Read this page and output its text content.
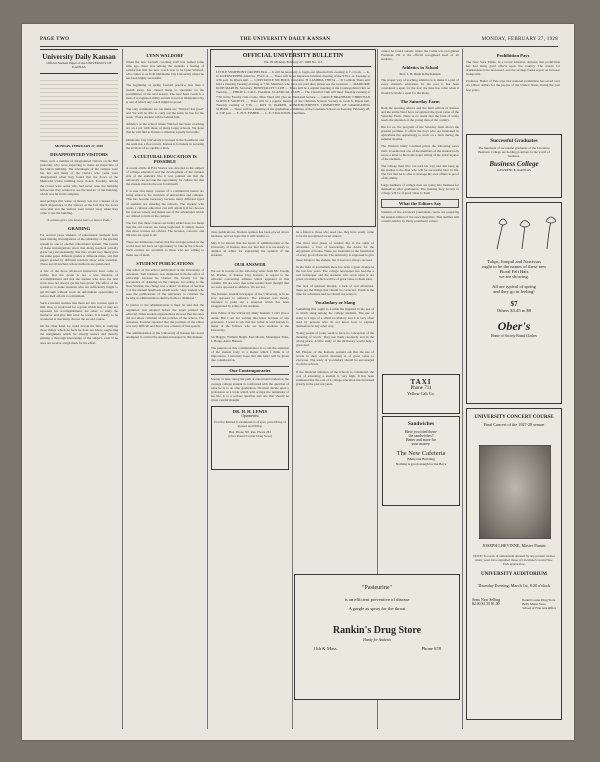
PAGE TWO	THE UNIVERSITY DAILY KANSAN	MONDAY, FEBRUARY 27, 1928
University Daily Kansan
Official Student Paper of the UNIVERSITY OF KANSAS
MONDAY, FEBRUARY 27, 1928
DISAPPOINTED VISITORS

There were a number of disappointed visitors on the Hill yesterday who were expecting to make an inspection of the Union building. The advantages of the campus were but few and many of the visitors who came were disappointed when they found that the doors of the Memorial Union building were closed. Possibly, among the crowd were some who had never seen the building before and they wanted to see the interior of the building, which was far from complete.

And perhaps this waste of money was not a matter of as much importance to the visitors as the fact that the doors were shut and the visitors were turned away when they came to see the building.

"A woman gives you honest tears, a man a smile."

GRADING

For several years students of educational methods have been making investigations of the reliability of the grading system in one or another educational system. The results of these investigations show that many teachers actually grade very inconsistently; that they would very likely give the same paper different grades at different times, and that papers graded by different teachers show wide variation. These are all teachers whose methods are questioned.

A few of the more advanced instructors have come to realize that the grade is not a true measure of accomplishment and that the student who does the best work does not always get the best grade. The effect of the system is to make students who are sufficiently bright to get through without work an unfortunate opportunity to reduce their efforts to a minimum.

Such a student realizes that there are two courses open to him. One, to work hard for a grade which may or may not represent his accomplishment; the other, to study the instructor and give him what he wants. It is hardly to be wondered at that many choose the second course.

On the other hand, he could devote his time to studying those things which he feels he does not know, neglecting the assignment which he already knows and thereby gaining a thorough knowledge of the subject, even if he does not receive a high mark for his effort.

LYNN WALDORF

When the new football coaching staff was named some time ago, there was among the students a feeling of satisfaction that the new coach was to be Lynn Waldorf, who comes to us from Oklahoma City University where he has been highly successful.

The beginning of spring football practice, less than a month away, has caused many to speculate on the possibilities of the next season. The new head coach is a man of recognized ability and his record at Oklahoma City is one of which any coach might be proud.

The only comments we can make are "Waldorf has good" and "he will be able to carry out the plans he has for the team." Every student will be behind him.

Athletics at the school where Waldorf has been coaching are on a par with those of many larger schools. We hope that he will find at Kansas a situation equally favorable.

Oklahoma City University is located in the Southwest and the team has a fine record. Kansas is fortunate in securing the services of so capable a man.

A CULTURAL EDUCATION IS POSSIBLE

A recent article in Fact Stories was devoted to the subject of college education and the development of the cultural side of the student's life. It was pointed out that the university can provide the opportunity for culture but that the student must do the rest for himself.

It is true that many courses of a commercial nature are being added to the curricula of universities and colleges. This has become necessary because many different types of students are entering the schools. The student who wants a cultural education can still obtain it if he chooses his courses wisely and makes use of the advantages which are offered to him on the campus.

The fact that these courses are being added does not mean that the old courses are being neglected. It simply means that more courses are offered. The lectures, concerts, and libraries are open to all.

There are numerous courses that the average person in the world does not have an opportunity to take in the schools. Such courses are available to those who are willing to make use of them.

STUDENT PUBLICATIONS

The editor of the school publication at the University of Arkansas, Tom Johnson, was dismissed from the office of editorship because he blamed the faculty for the prevalence of drinking on the campus. According to the New Student, the charge was a direct violation of Section 5 of the student handbook which reads: "Any student who uses the publications of the university to criticize the faculty or administration shall be liable to dismissal."

In justice to the administration it must be said that the regulation was adopted before the paper printed the editorial. Other student organizations showed that the rules did not allow criticism of the policies of the school. The Arkansas Traveler reported that the position of the editor was very difficult and that it was a matter of free speech.

The administration at the University of Kansas has never attempted to control the student newspaper in this manner.

OFFICIAL UNIVERSITY BULLETIN
Vol. IX Monday, February 27, 1928 No. 113

LITTLE SYMPHONY ORCHESTRA — It will be necessary to begin our rehearsal this evening at 7 o'clock. — K. O. KUERSTEINER, Director. Y.W.C.A. — There will be an important business meeting of the Y.W.C.A. Tuesday at 4:30 p.m. in Myers hall. — CONSTANCE NICHOLS, President. PI LAMBDA THETA — Pi Lambda Theta will hold a meeting Tuesday evening at 7:30. Members who have not paid dues please see the treasurer. — MARJORIE ROSE MARTIN, Secretary. HOSPITALITY CLUB — There will be a regular meeting of the Cosmopolitan Club on Tuesday. — PHILIP L. CALL, President. CLASSICAL CLUB — The Classical Club will meet Tuesday evening at 7:30 in the Faculty club rooms. Miss Ward will give an illustrated lecture. — GRACE BRANHAM. CHRISTIAN SCIENCE SOCIETY — There will be a regular meeting of the Christian Science Society in room 6, Myers hall, Tuesday evening at 7:30. — ROY D. PARKER. ANNOUNCEMENTS COMMITTEE OF GRADUATING SCHOOL — There will be a meeting of the graduation committee of the Graduate School on Tuesday, February 28, at 5:00 p.m. — E. H. S. FISHER. — C. E. STOCKTON, Chairman.

three publications. Student opinion has been placed above business, and we hope that it will remain so.

May it be known that the board of administration at the University of Kansas does not feel that it is necessary to dismiss an editor for expressing the opinion of the students.

OUR ANSWER

We are in receipt of the following letter from Mr. Joseph M. Prather, of Kansas City, Kansas, in regard to the editorial concerning athletes which appeared in this column. We are sorry that some readers have thought that we were opposed to athletics. We are not.

The Kansan, student newspaper of the University, is in no way opposed to athletics. The editorial was merely intended to point out a situation which has been exaggerated by some of the students.

Dear Editor of the University Daily Kansan: I can't give a damn. But I am not writing this letter because of any grievance. I want to say that the writer is well known to many of the fellows who are now students at the University.

Sir Haggis, William Heigh, Earl Morris, Monsignor Tuke, J. Haige, Alton Hanson.

The purpose of this communication is to call the attention of the student body to a matter which I think is of importance. I sincerely hope that this letter will be given due consideration.

Our Contemporaries

Sooner or later, along the path of educational endeavor, the average college student is confronted with the question of what he is to do after graduation. He must decide upon a profession or a trade which will occupy the remainder of his life. It is a serious question and one that should be given careful thought.

DR. H. H. LEWIS
Optometrist
Practice limited to examination of eyes, prescribing of glasses and fitting.
Bus. Phone 301 Res. Phone 261
(Over Round Corner Drug Store)

be a friend to those who need one, they have surely come to be the recognized social centers.

The most vital phase of student life is the spirit of adventure, a love of knowledge, the desire for the enjoyment of books. These are essentials in the foundation of every good character. The university is supposed to give these things to the student, but it does not always succeed.

In the field of journalism there has been a great change in the last few years. The college newspaper has become a real newspaper and the students who work upon it are given a training which will be of great value to them later.

The lack of spiritual interest, a lack of real adventure, these are the things that should be corrected. Youth is the time for adventure and we should not waste it.

Vocabulary or Slang

Something that ought to trouble the linguists is the use of so much slang among the college students. The use of slang is a sign of a small vocabulary and it is very often used by persons who do not know how to express themselves in any other way.

Young people of today seem to have no conception of the meaning of words. They use them carelessly and in the wrong place. A little study of the dictionary would help a great deal.

Mr. Harper, of the Kansan, pointed out that the use of words in their correct meaning is of great value to everyone. The study of vocabulary should be encouraged in all the schools.

If the financial situation of the schools is considered, the cost of educating a student is very high. It has been estimated that the cost of a college education has increased greatly in the past ten years.

cannot be found outside where the Cattle was recognized President. He is the official recognized head of all students.

Athletics in School
Prof. J. B. Rush in the Kansan

The proper way of teaching athletics is to make it a part of every student's education. In the past it has been considered a sport for the few; the time has come when it should be made a sport for the many.

The Saturday Farm

Both the sporting editors and the farm editors of Kansas and the entire West have recognized the great value of the Saturday Farm. There is no doubt that the farm of today needs the attention of the young men of the country.

But for us, the program of the Saturday farm shows the greatest promise. It offers the boys who are interested in agriculture the opportunity to work on a farm during the summer months.

The Western Daily Cardinal prints the following news item: It seems that one of the members of the student body wrote a letter to his home paper telling of the extravagance of the students.

The college man who can earn his way and still keep up his studies is the man who will be successful later in life. The fact that he is able to manage his own affairs is proof of his ability.

Large numbers of college men are going into business for themselves after graduation. The training they receive in college will be of great value to them.

What the Editors Say

Students of the advanced journalism course are preparing the annual edition of the news magazine. This number will contain articles by many prominent writers.

TAXI
Phone 711
Yellow Cab Co.
Sandwiches
Have you tried them-
the sandwiches?
Better and more for
your money.
The New Cafeteria
(Memorial Building)
Nothing is good enough for the Boys
"Pasteurine"
is an efficient preventive of disease
A gargle as spray for the throat
Rankin's Drug Store
Handy for Students
11th & Mass.	Phone 678
Prohibition Pays

The New York Times, in a recent editorial, declares that prohibition has had many good effects upon the country. The arrests for drunkenness have decreased, and the savings banks report an increase in deposits.

Professor Fisher of Yale says that national prohibition has saved over six billion dollars for the people of the United States during the past few years.

Successful Graduates

The hundreds of successful graduates of the Lawrence Business College are holding positions in the world of business.

Business College
LAWRENCE, KANSAS
Tulips, Jonquil and Narcissus
ought to be the names of these new
Floral Felt Hats
we are showing.
All are typical of spring
and they go in feeling!
$7
Others $3.45 to $8
Ober's
Home of Society Brand Clothes
UNIVERSITY CONCERT COURSE
Final Concert of the 1927-28 season
JOSEPH LHEVINNE, Master Pianist

NOTE: No seats of enthusiasm attested by any present wishes many years have signalled those of Lhevinne's recent New York appearance.

UNIVERSITY AUDITORIUM
Thursday Evening, March 1st, 8:20 o'clock
Seats Now Selling
$2.00 $1.50 $1.00
Round Corner Drug Store
Bell's Music Store
School of Fine Arts Office
